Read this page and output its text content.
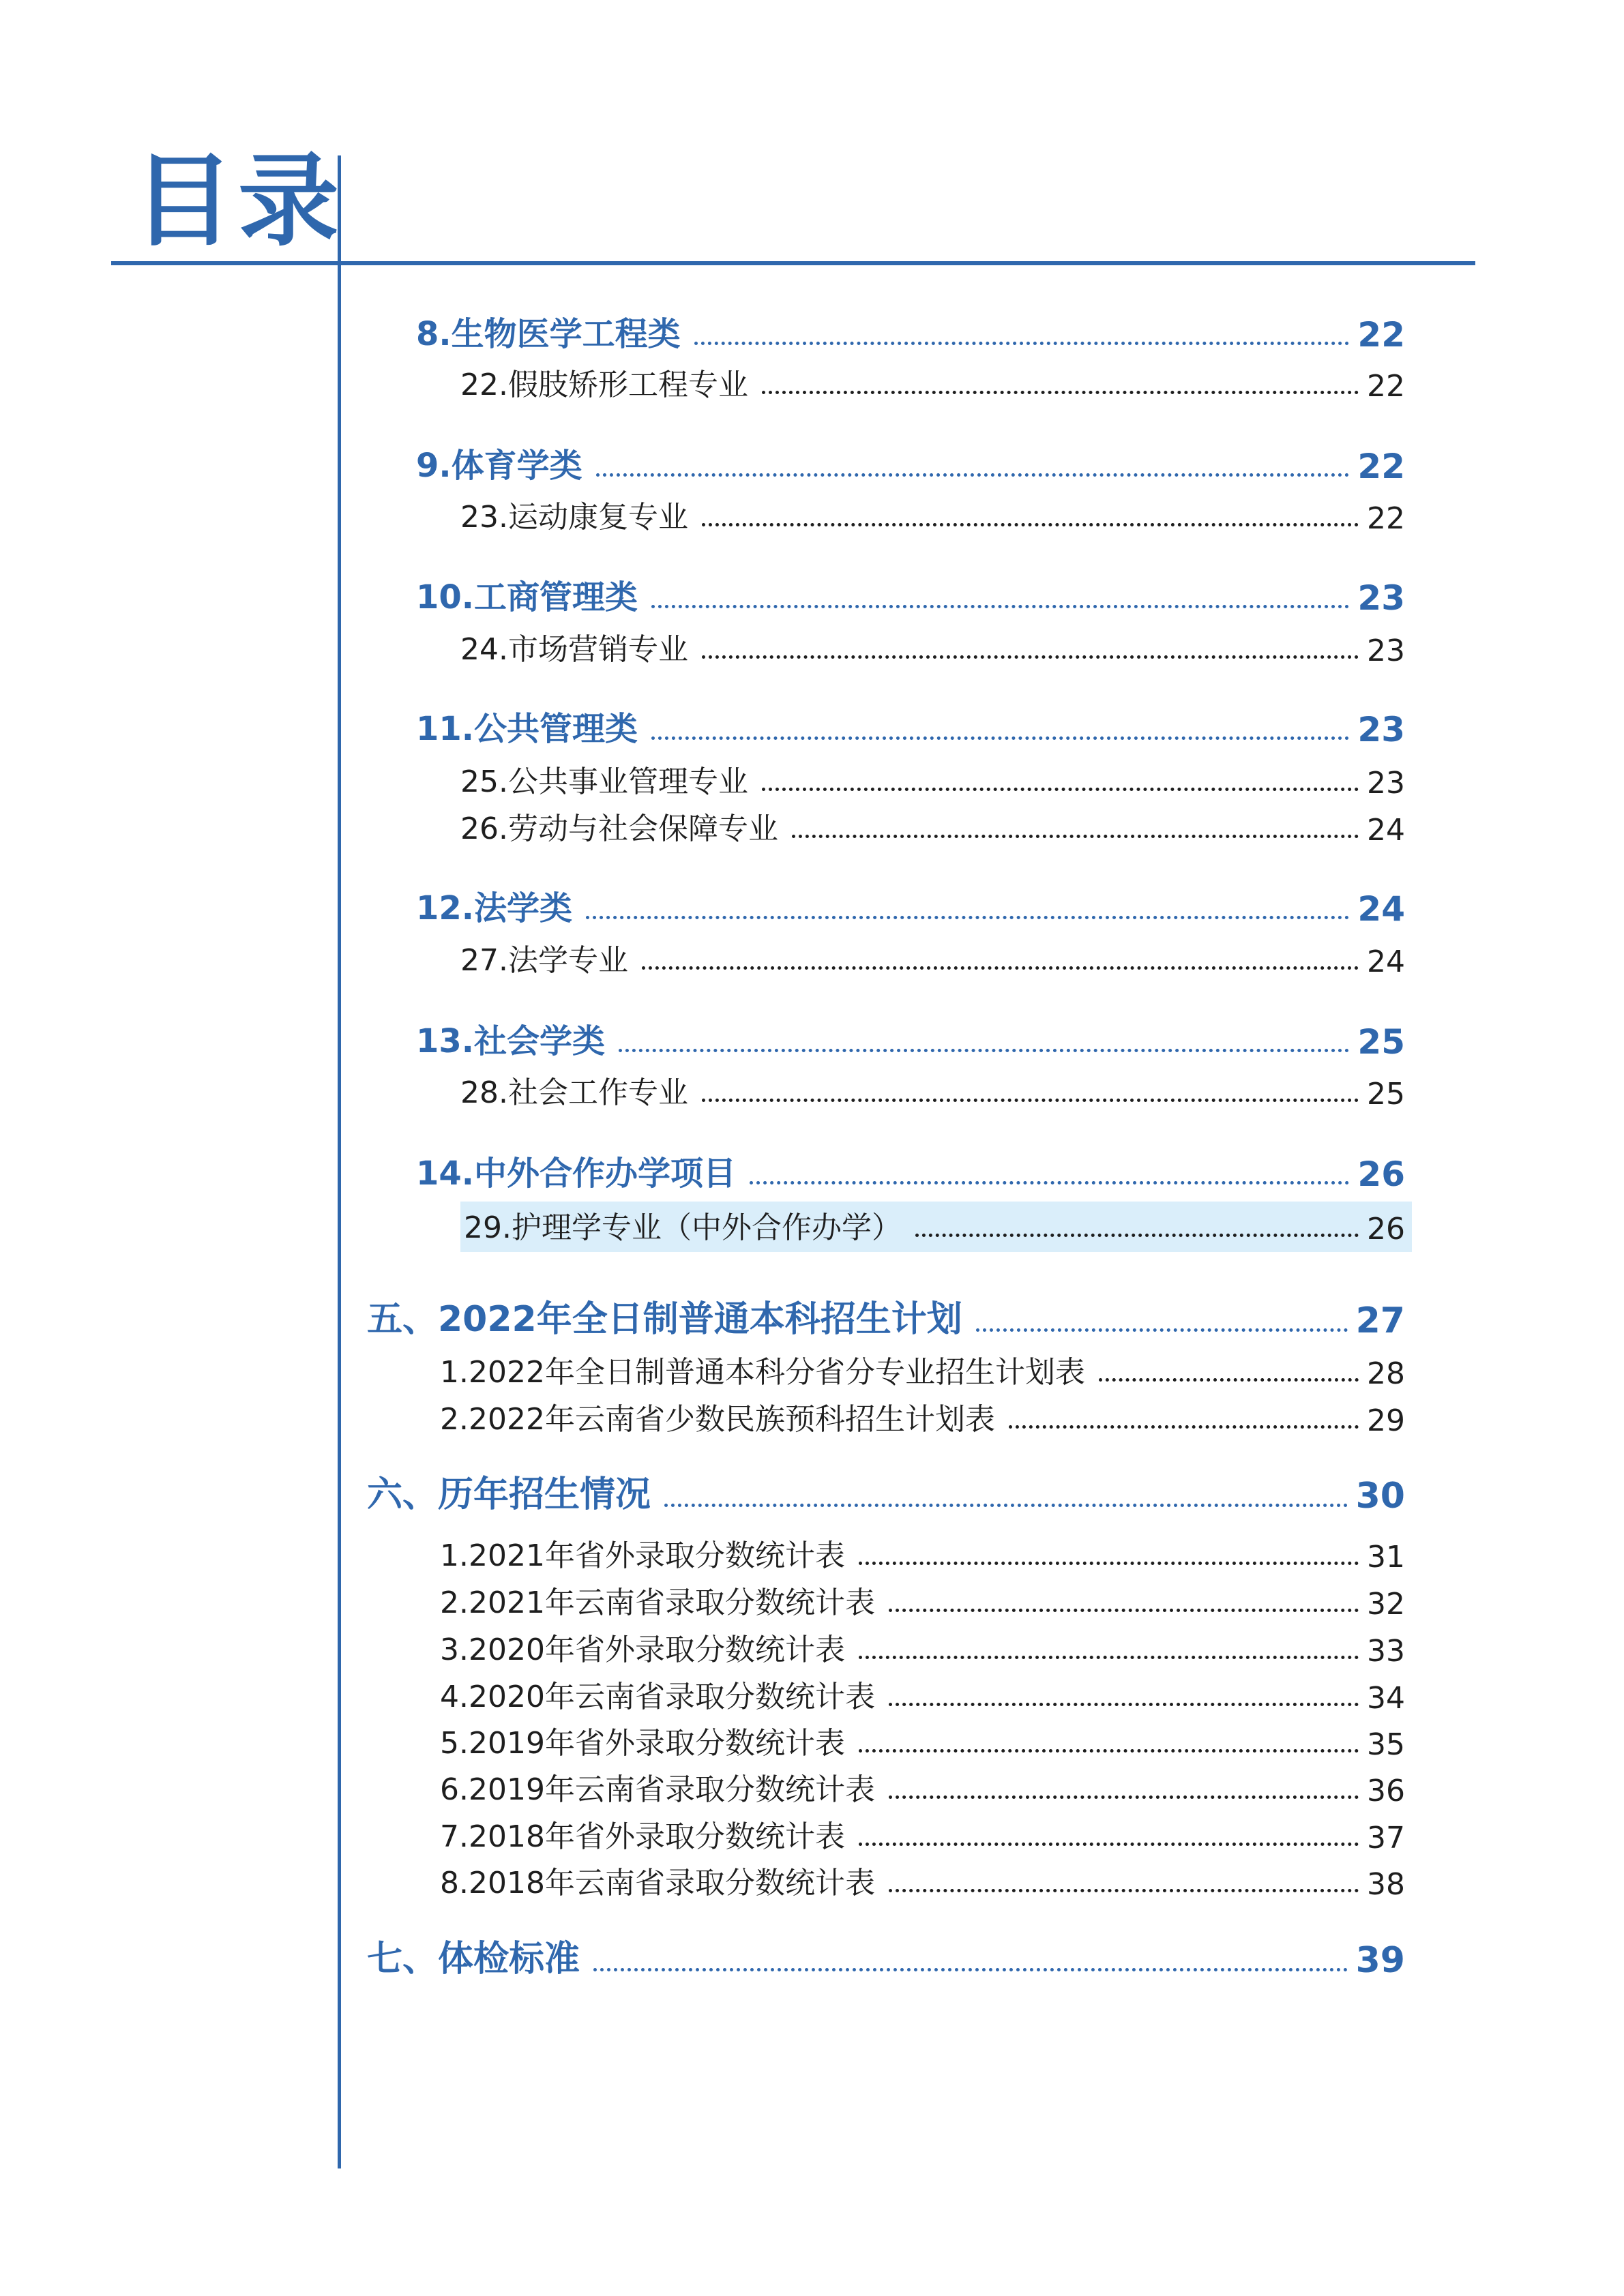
目录
8.生物医学工程类	22
22.假肢矫形工程专业	22
9.体育学类	22
23.运动康复专业	22
10.工商管理类	23
24.市场营销专业	23
11.公共管理类	23
25.公共事业管理专业	23
26.劳动与社会保障专业	24
12.法学类	24
27.法学专业	24
13.社会学类	25
28.社会工作专业	25
14.中外合作办学项目	26
29.护理学专业（中外合作办学）	26
五、2022年全日制普通本科招生计划	27
1.2022年全日制普通本科分省分专业招生计划表	28
2.2022年云南省少数民族预科招生计划表	29
六、历年招生情况	30
1.2021年省外录取分数统计表	31
2.2021年云南省录取分数统计表	32
3.2020年省外录取分数统计表	33
4.2020年云南省录取分数统计表	34
5.2019年省外录取分数统计表	35
6.2019年云南省录取分数统计表	36
7.2018年省外录取分数统计表	37
8.2018年云南省录取分数统计表	38
七、体检标准	39
